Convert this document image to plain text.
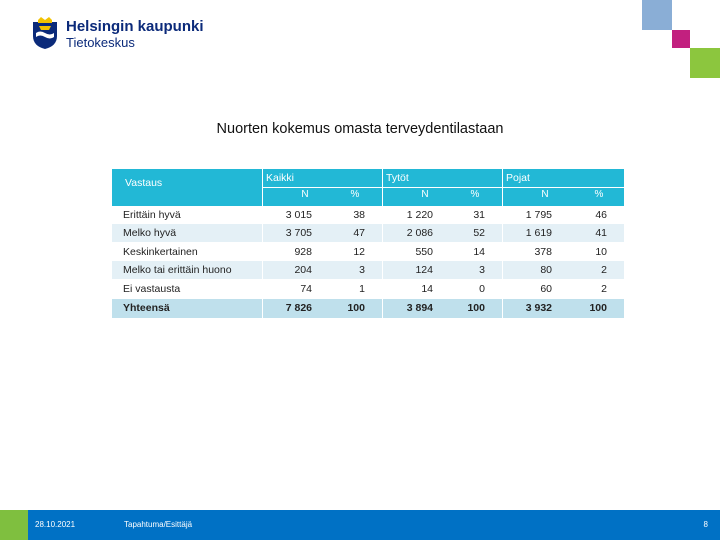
Helsingin kaupunki
Tietokeskus
Nuorten kokemus omasta terveydentilastaan
Vastaus	Kaikki	Tytöt	Pojat
N	%	N	%	N	%
Erittäin hyvä	3 015	38	1 220	31	1 795	46
Melko hyvä	3 705	47	2 086	52	1 619	41
Keskinkertainen	928	12	550	14	378	10
Melko tai erittäin huono	204	3	124	3	80	2
Ei vastausta	74	1	14	0	60	2
Yhteensä	7 826	100	3 894	100	3 932	100
28.10.2021	Tapahtuma/Esittäjä	8
